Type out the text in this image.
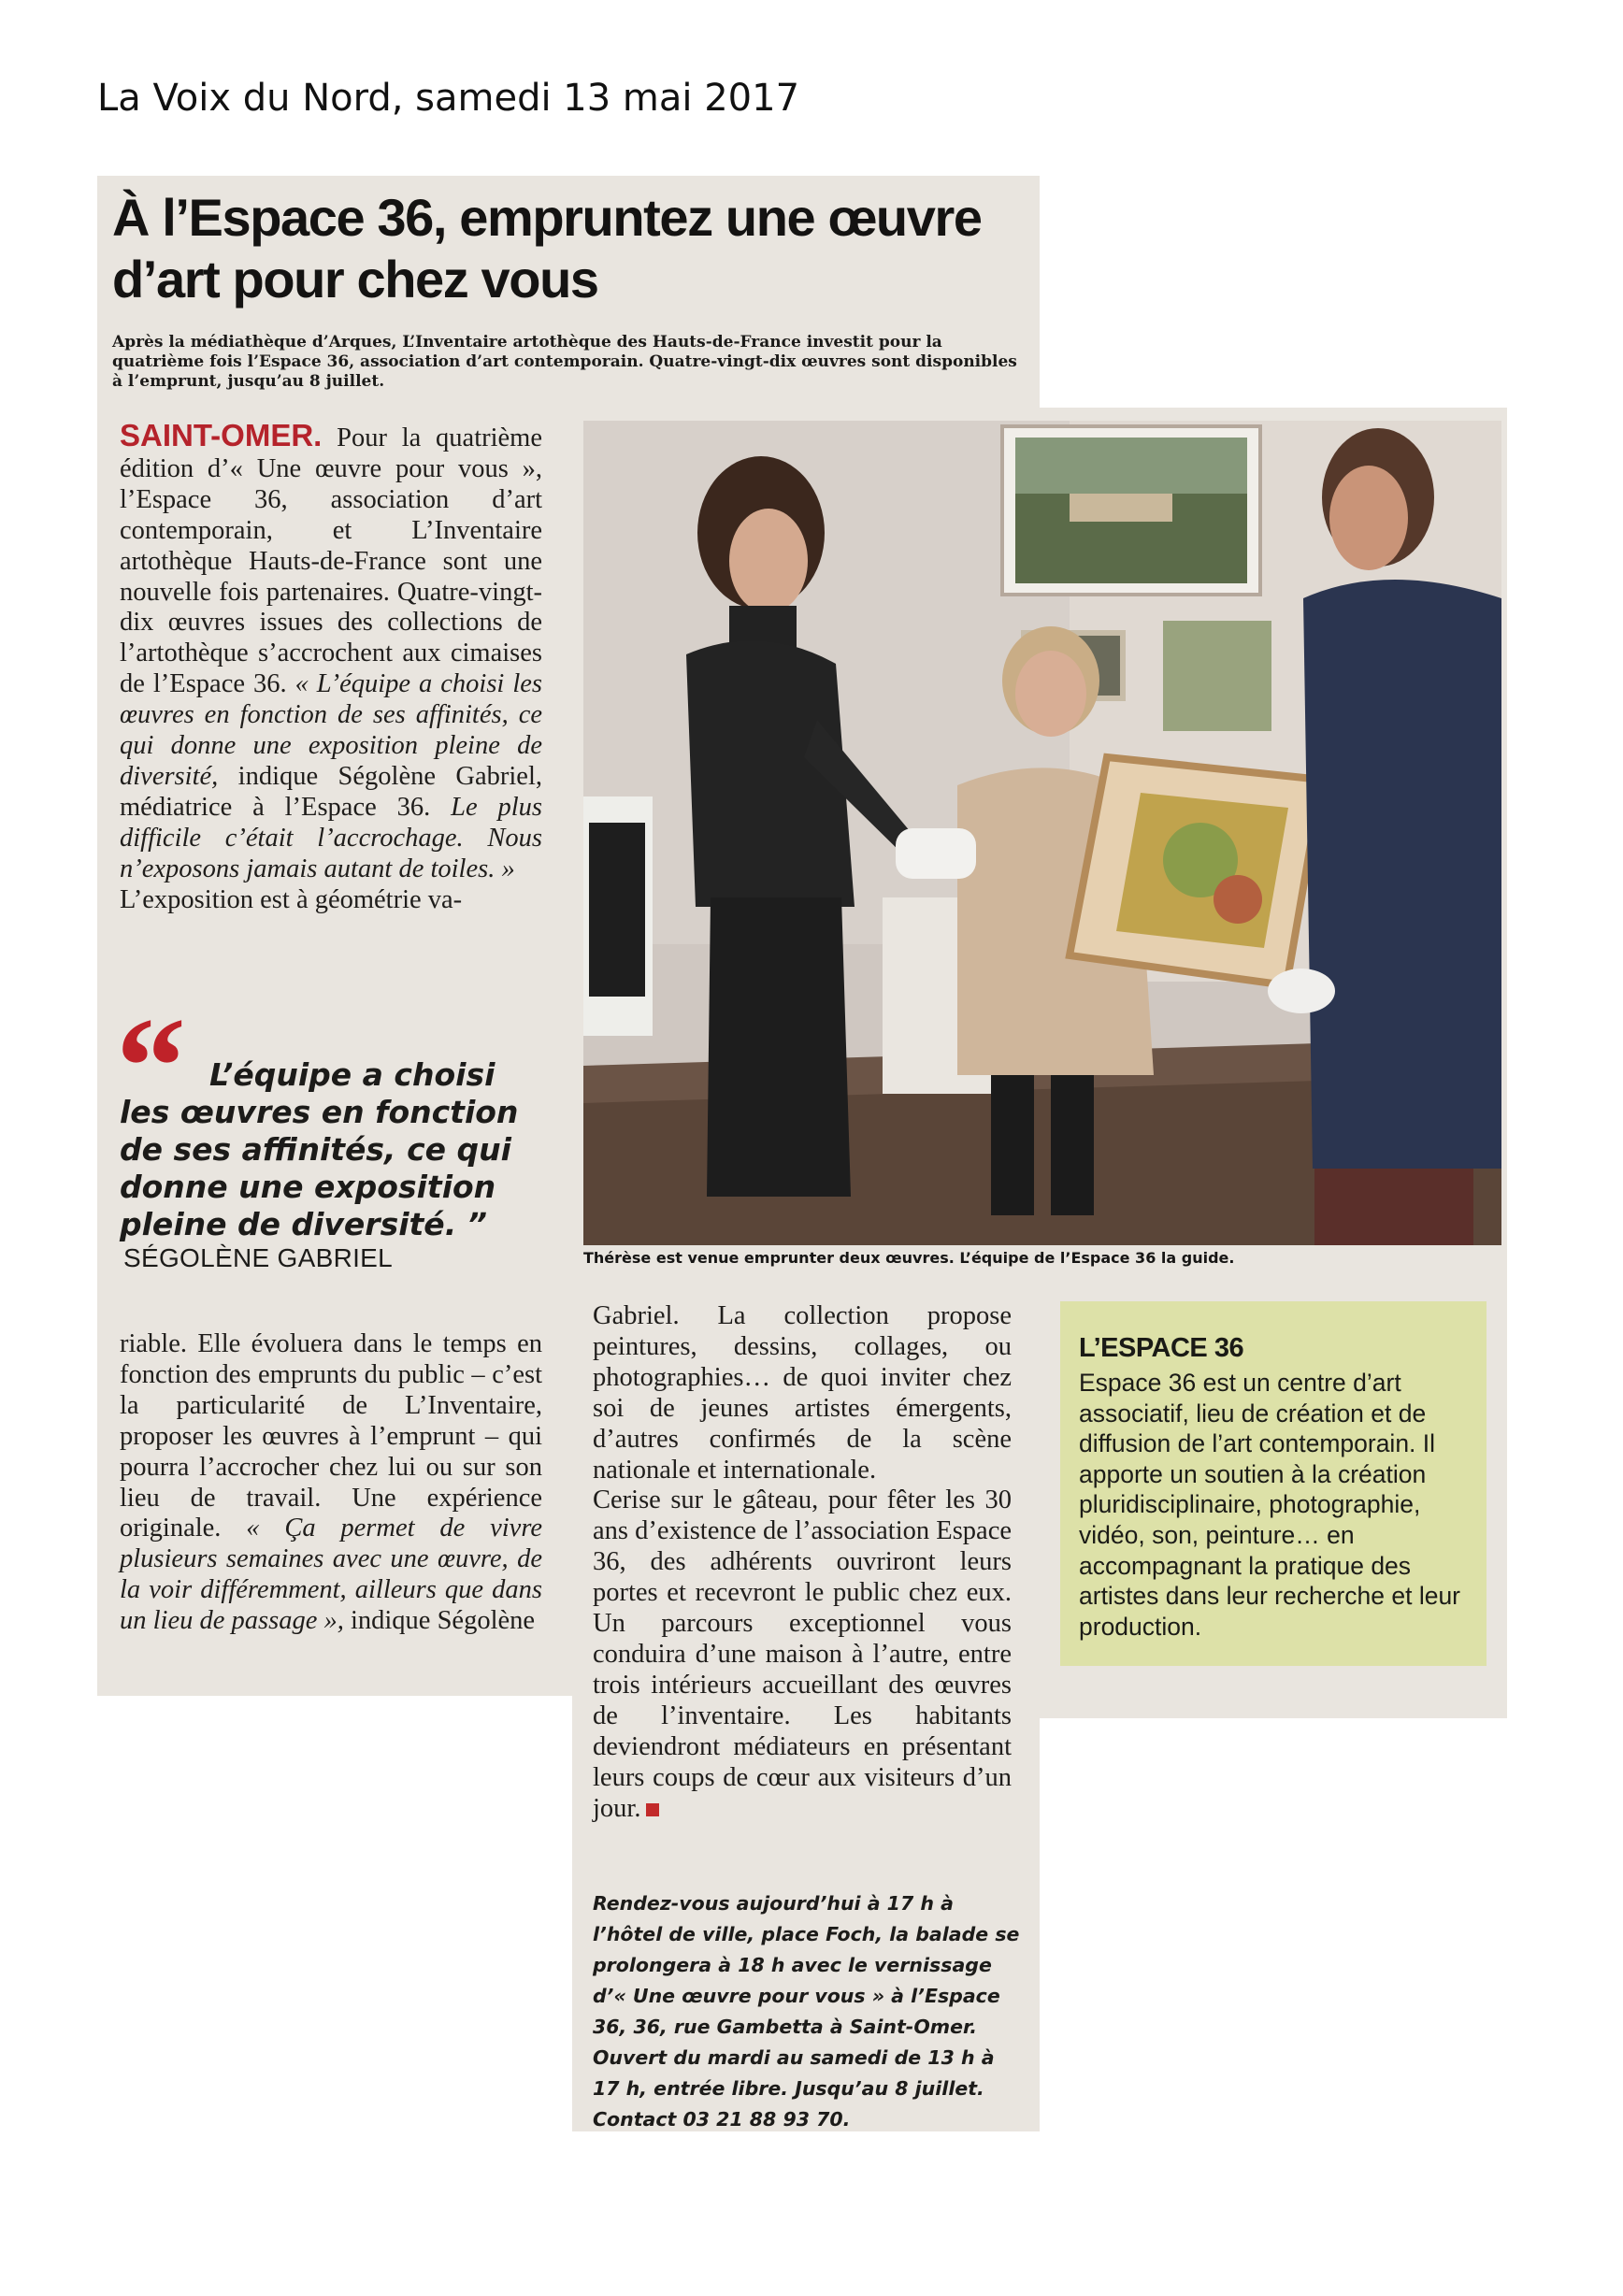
La Voix du Nord, samedi 13 mai 2017
À l’Espace 36, empruntez une œuvre d’art pour chez vous
Après la médiathèque d’Arques, L’Inventaire artothèque des Hauts-de-France investit pour la quatrième fois l’Espace 36, association d’art contemporain. Quatre-vingt-dix œuvres sont disponibles à l’emprunt, jusqu’au 8 juillet.
SAINT-OMER. Pour la quatrième édition d’« Une œuvre pour vous », l’Espace 36, association d’art contemporain, et L’Inventaire artothèque Hauts-de-France sont une nouvelle fois partenaires. Quatre-vingt-dix œuvres issues des collections de l’artothèque s’accrochent aux cimaises de l’Espace 36. « L’équipe a choisi les œuvres en fonction de ses affinités, ce qui donne une exposition pleine de diversité, indique Ségolène Gabriel, médiatrice à l’Espace 36. Le plus difficile c’était l’accrochage. Nous n’exposons jamais autant de toiles. »
L’exposition est à géométrie va-
“ L’équipe a choisi les œuvres en fonction de ses affinités, ce qui donne une exposition pleine de diversité. ”
SÉGOLÈNE GABRIEL
riable. Elle évoluera dans le temps en fonction des emprunts du public – c’est la particularité de L’Inventaire, proposer les œuvres à l’emprunt – qui pourra l’accrocher chez lui ou sur son lieu de travail. Une expérience originale. « Ça permet de vivre plusieurs semaines avec une œuvre, de la voir différemment, ailleurs que dans un lieu de passage », indique Ségolène
Thérèse est venue emprunter deux œuvres. L’équipe de l’Espace 36 la guide.
Gabriel. La collection propose peintures, dessins, collages, ou photographies… de quoi inviter chez soi de jeunes artistes émergents, d’autres confirmés de la scène nationale et internationale.
Cerise sur le gâteau, pour fêter les 30 ans d’existence de l’association Espace 36, des adhérents ouvriront leurs portes et recevront le public chez eux. Un parcours exceptionnel vous conduira d’une maison à l’autre, entre trois intérieurs accueillant des œuvres de l’inventaire. Les habitants deviendront médiateurs en présentant leurs coups de cœur aux visiteurs d’un jour.
Rendez-vous aujourd’hui à 17 h à l’hôtel de ville, place Foch, la balade se prolongera à 18 h avec le vernissage d’« Une œuvre pour vous » à l’Espace 36, 36, rue Gambetta à Saint-Omer. Ouvert du mardi au samedi de 13 h à 17 h, entrée libre. Jusqu’au 8 juillet. Contact 03 21 88 93 70.
L’ESPACE 36
Espace 36 est un centre d’art associatif, lieu de création et de diffusion de l’art contemporain. Il apporte un soutien à la création pluridisciplinaire, photographie, vidéo, son, peinture… en accompagnant la pratique des artistes dans leur recherche et leur production.
